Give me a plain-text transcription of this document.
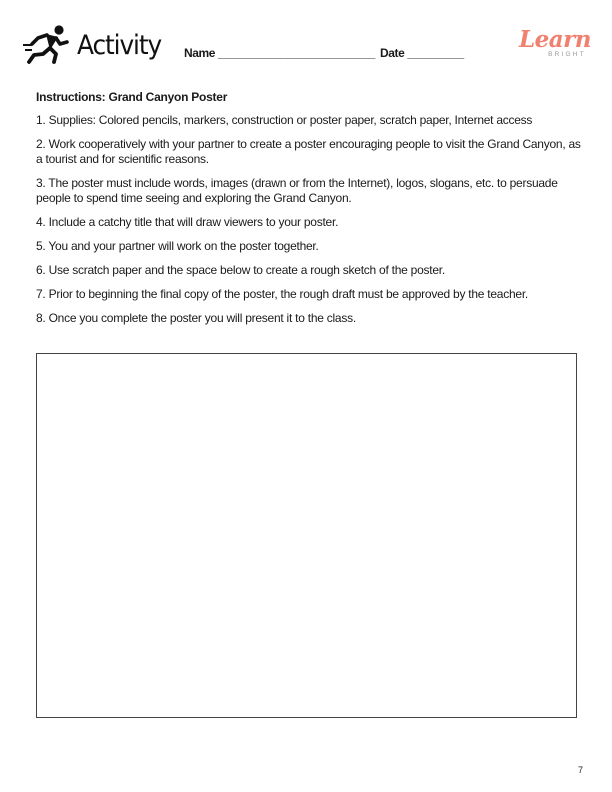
Activity Name _________________________ Date _________ Learn
BRIGHT
Instructions: Grand Canyon Poster
1. Supplies: Colored pencils, markers, construction or poster paper, scratch paper, Internet access
2. Work cooperatively with your partner to create a poster encouraging people to visit the Grand Canyon, as a tourist and for scientific reasons.
3. The poster must include words, images (drawn or from the Internet), logos, slogans, etc. to persuade people to spend time seeing and exploring the Grand Canyon.
4. Include a catchy title that will draw viewers to your poster.
5. You and your partner will work on the poster together.
6. Use scratch paper and the space below to create a rough sketch of the poster.
7. Prior to beginning the final copy of the poster, the rough draft must be approved by the teacher.
8. Once you complete the poster you will present it to the class.
7
